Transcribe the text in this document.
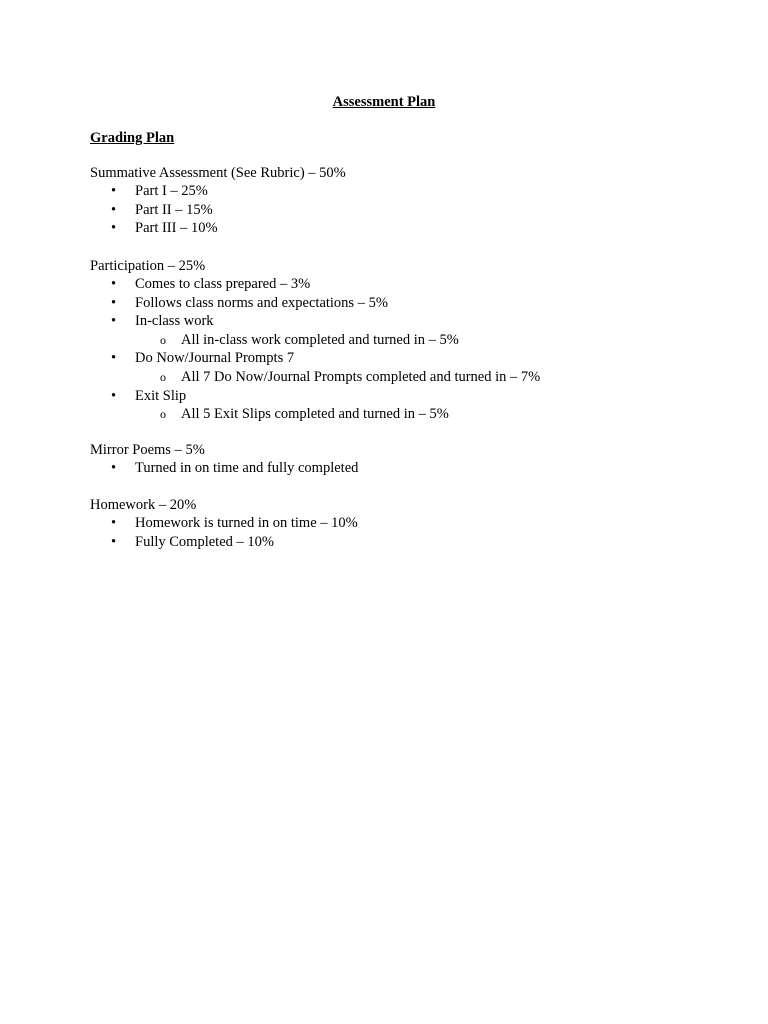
Assessment Plan
Grading Plan
Summative Assessment (See Rubric) – 50%
•	Part I – 25%
•	Part II – 15%
•	Part III – 10%
Participation – 25%
•	Comes to class prepared – 3%
•	Follows class norms and expectations – 5%
•	In-class work
o	All in-class work completed and turned in – 5%
•	Do Now/Journal Prompts 7
o	All 7 Do Now/Journal Prompts completed and turned in – 7%
•	Exit Slip
o	All 5 Exit Slips completed and turned in – 5%
Mirror Poems – 5%
•	Turned in on time and fully completed
Homework – 20%
•	Homework is turned in on time – 10%
•	Fully Completed – 10%
